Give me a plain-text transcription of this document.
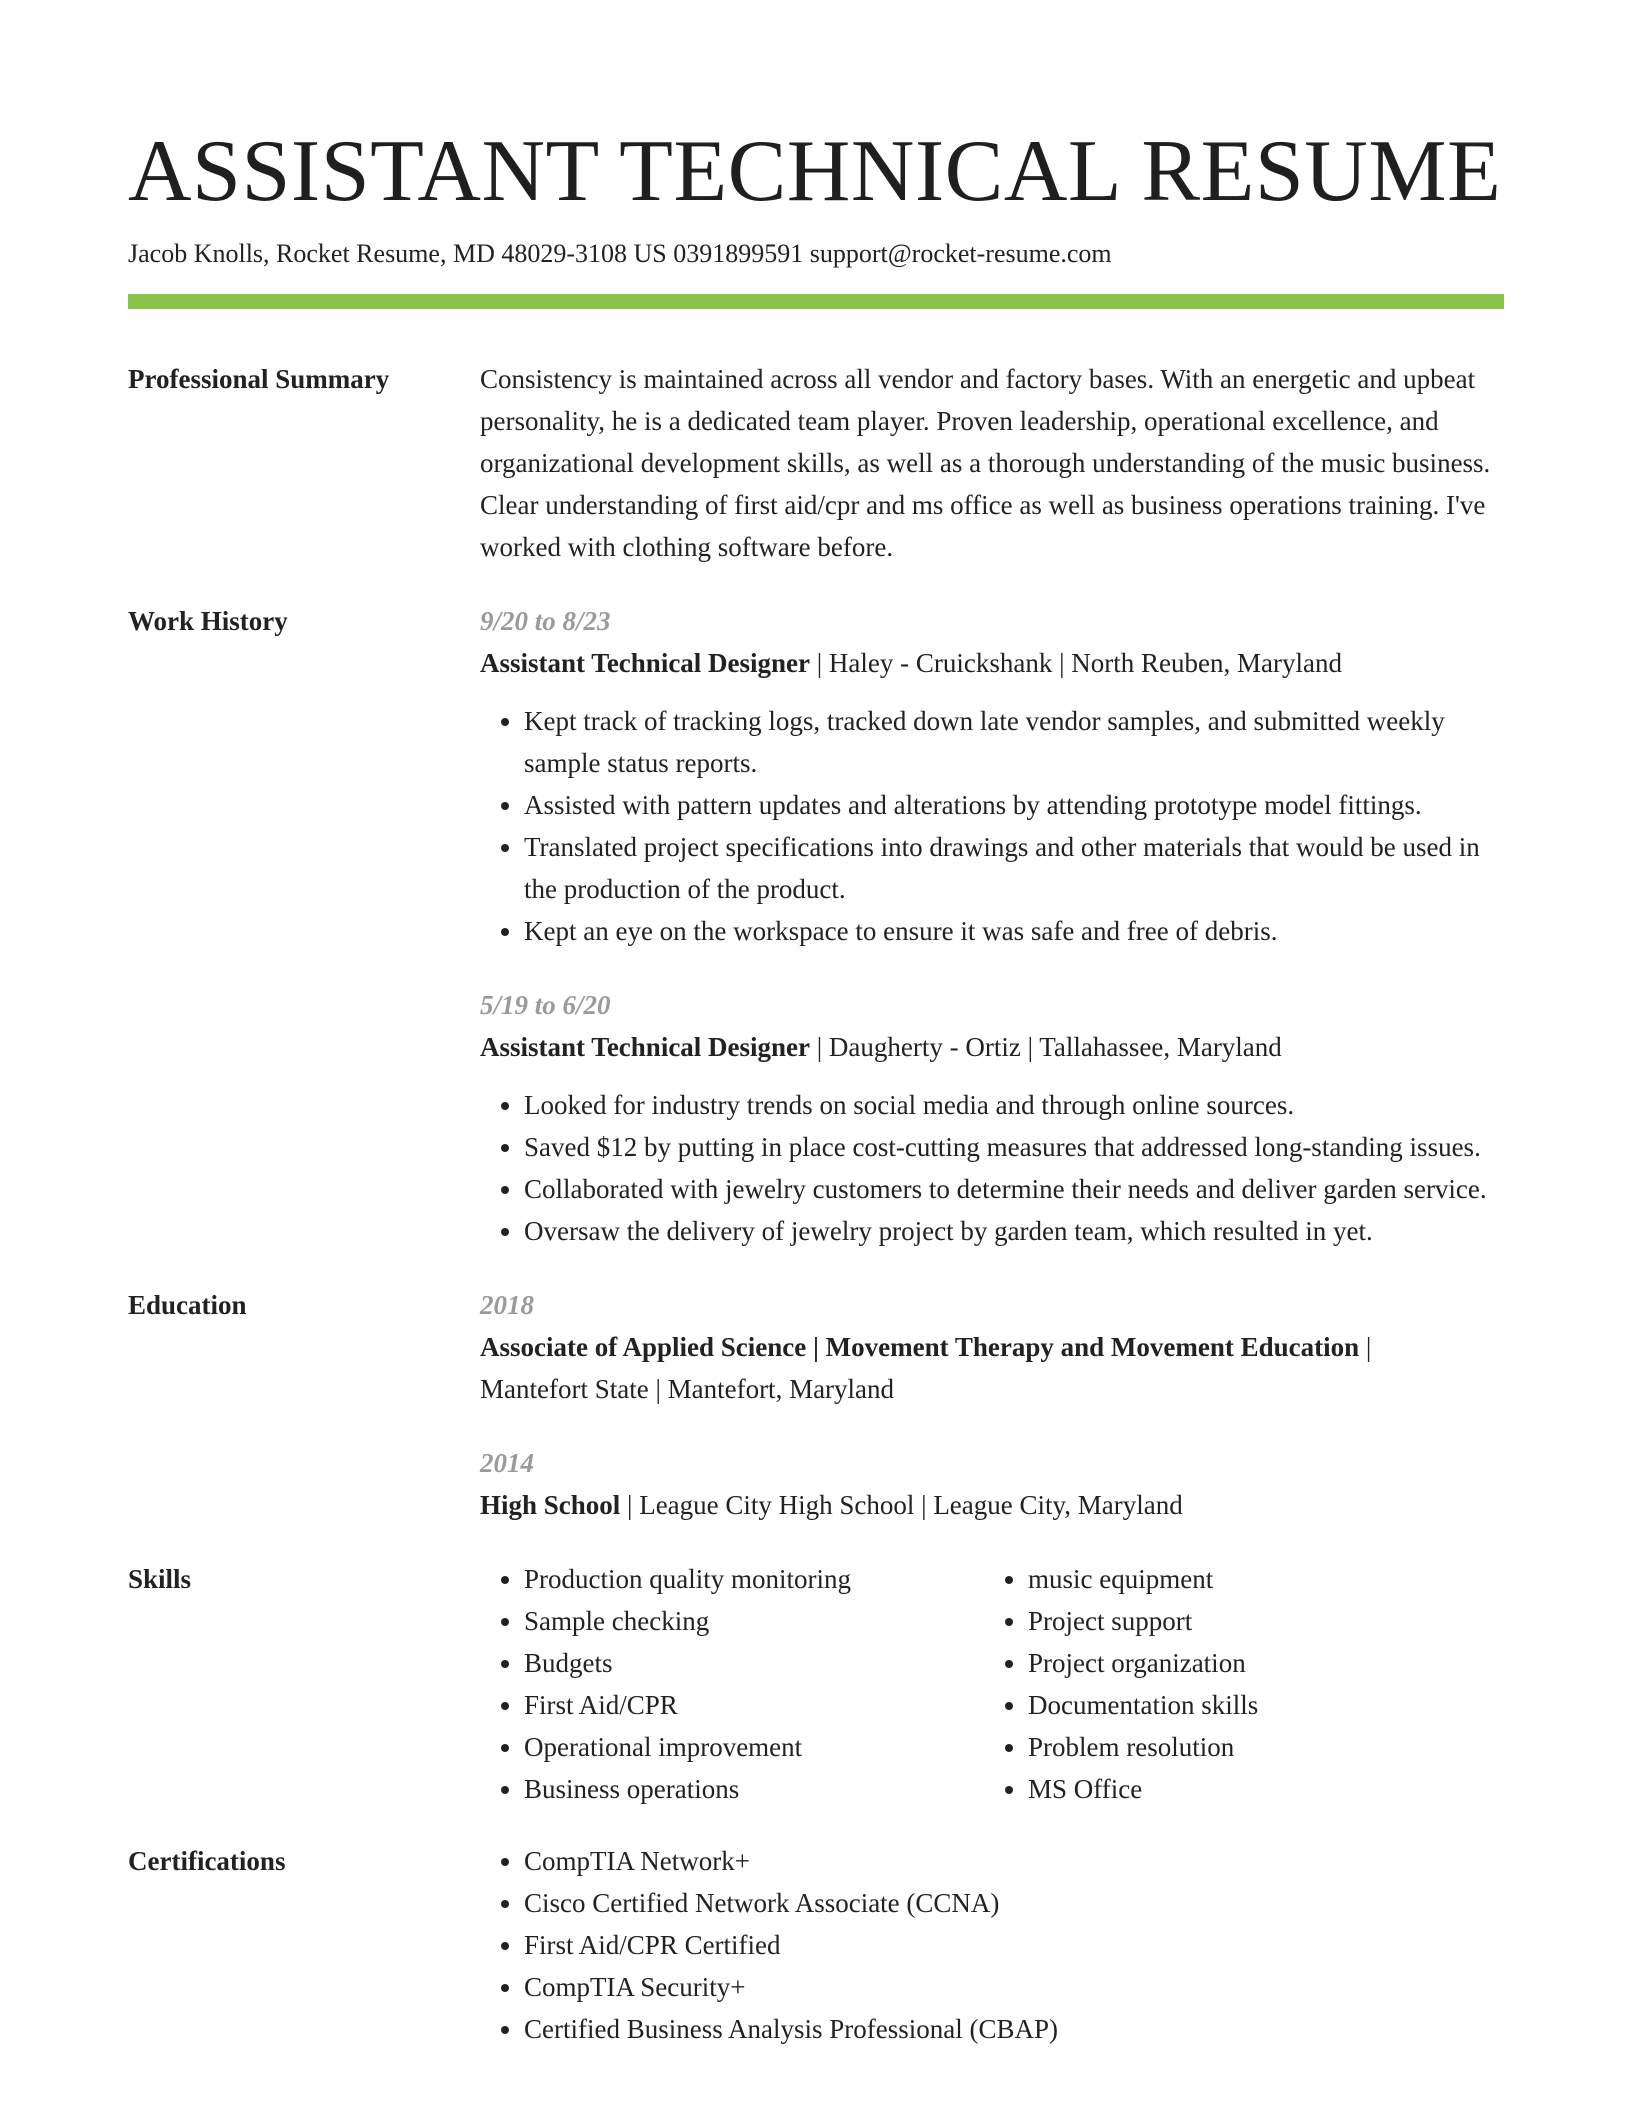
ASSISTANT TECHNICAL RESUME
Jacob Knolls, Rocket Resume, MD 48029-3108 US 0391899591 support@rocket-resume.com
Professional Summary	Consistency is maintained across all vendor and factory bases. With an energetic and upbeat personality, he is a dedicated team player. Proven leadership, operational excellence, and organizational development skills, as well as a thorough understanding of the music business. Clear understanding of first aid/cpr and ms office as well as business operations training. I've worked with clothing software before.
Work History	9/20 to 8/23
Assistant Technical Designer | Haley - Cruickshank | North Reuben, Maryland
• Kept track of tracking logs, tracked down late vendor samples, and submitted weekly sample status reports.
• Assisted with pattern updates and alterations by attending prototype model fittings.
• Translated project specifications into drawings and other materials that would be used in the production of the product.
• Kept an eye on the workspace to ensure it was safe and free of debris.
5/19 to 6/20
Assistant Technical Designer | Daugherty - Ortiz | Tallahassee, Maryland
• Looked for industry trends on social media and through online sources.
• Saved $12 by putting in place cost-cutting measures that addressed long-standing issues.
• Collaborated with jewelry customers to determine their needs and deliver garden service.
• Oversaw the delivery of jewelry project by garden team, which resulted in yet.
Education	2018
Associate of Applied Science | Movement Therapy and Movement Education |
Mantefort State | Mantefort, Maryland
2014
High School | League City High School | League City, Maryland
Skills	• Production quality monitoring
• Sample checking
• Budgets
• First Aid/CPR
• Operational improvement
• Business operations
• music equipment
• Project support
• Project organization
• Documentation skills
• Problem resolution
• MS Office
Certifications	• CompTIA Network+
• Cisco Certified Network Associate (CCNA)
• First Aid/CPR Certified
• CompTIA Security+
• Certified Business Analysis Professional (CBAP)
